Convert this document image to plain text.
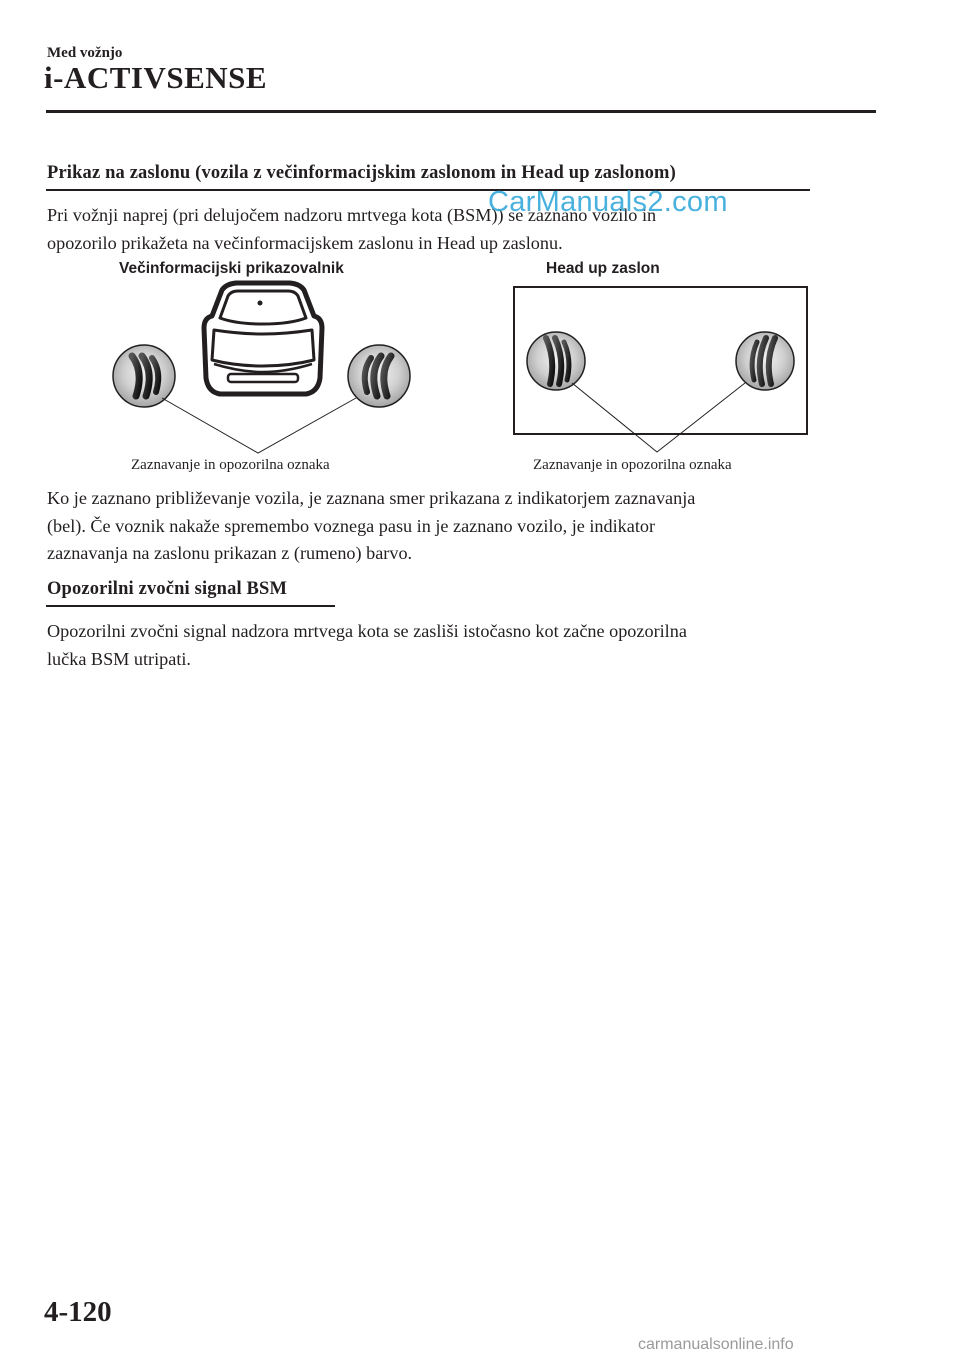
Med vožnjo
i-ACTIVSENSE
Prikaz na zaslonu (vozila z večinformacijskim zaslonom in Head up zaslonom)
Pri vožnji naprej (pri delujočem nadzoru mrtvega kota (BSM)) se zaznano vozilo in
opozorilo prikažeta na večinformacijskem zaslonu in Head up zaslonu.
CarManuals2.com
Večinformacijski prikazovalnik	Head up zaslon
Zaznavanje in opozorilna oznaka	Zaznavanje in opozorilna oznaka
Ko je zaznano približevanje vozila, je zaznana smer prikazana z indikatorjem zaznavanja
(bel). Če voznik nakaže spremembo voznega pasu in je zaznano vozilo, je indikator
zaznavanja na zaslonu prikazan z (rumeno) barvo.
Opozorilni zvočni signal BSM
Opozorilni zvočni signal nadzora mrtvega kota se zasliši istočasno kot začne opozorilna
lučka BSM utripati.
4-120
carmanualsonline.info
